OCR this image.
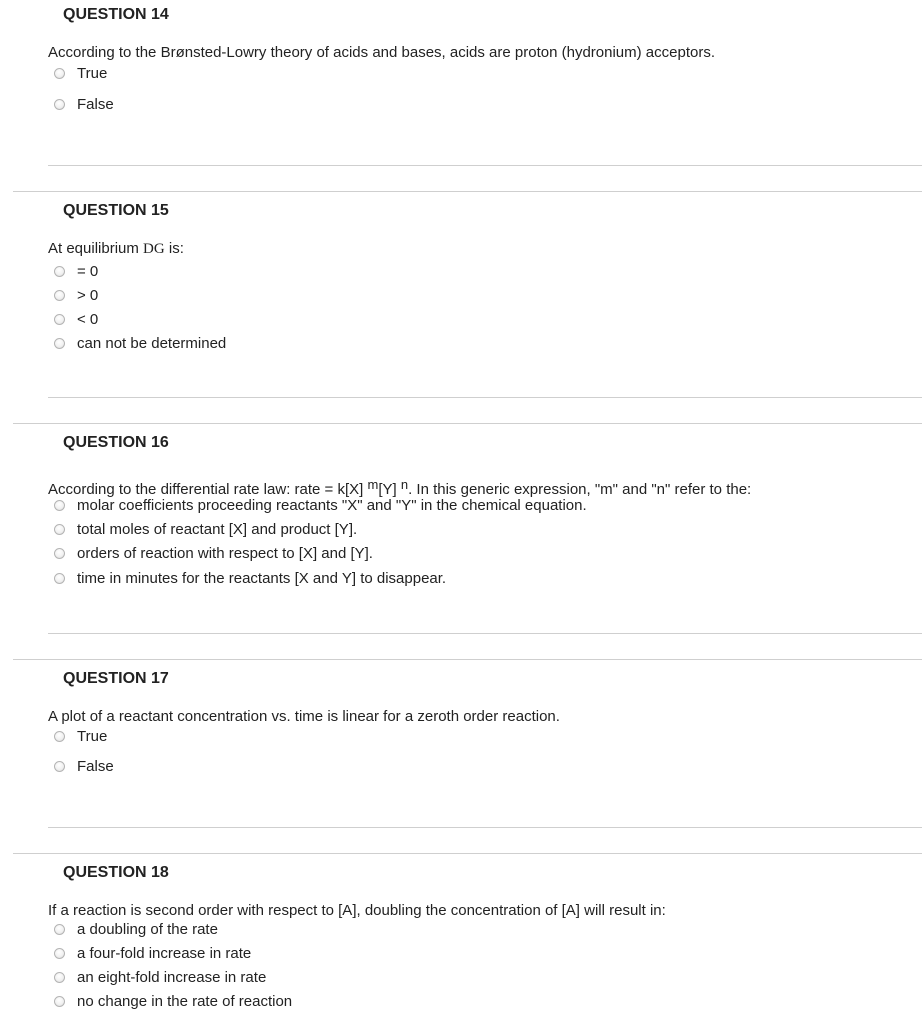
QUESTION 14
According to the Brønsted-Lowry theory of acids and bases, acids are proton (hydronium) acceptors.
True
False
QUESTION 15
At equilibrium DG is:
= 0
> 0
< 0
can not be determined
QUESTION 16
According to the differential rate law: rate = k[X] $^m$[Y] $^n$. In this generic expression, "m" and "n" refer to the:
molar coefficients proceeding reactants "X" and "Y" in the chemical equation.
total moles of reactant [X] and product [Y].
orders of reaction with respect to [X] and [Y].
time in minutes for the reactants [X and Y] to disappear.
QUESTION 17
A plot of a reactant concentration vs. time is linear for a zeroth order reaction.
True
False
QUESTION 18
If a reaction is second order with respect to [A], doubling the concentration of [A] will result in:
a doubling of the rate
a four-fold increase in rate
an eight-fold increase in rate
no change in the rate of reaction
